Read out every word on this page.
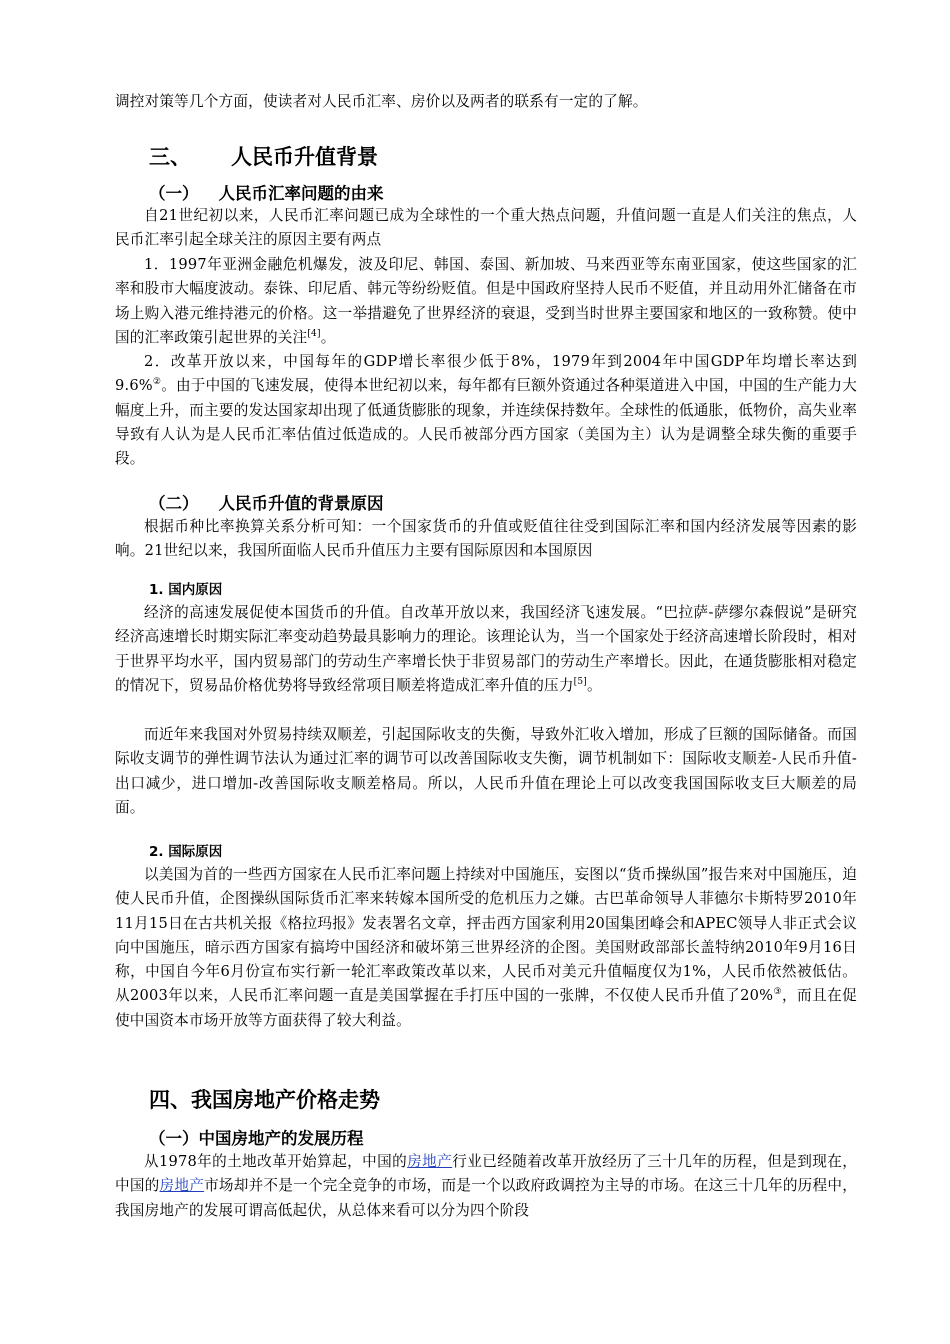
调控对策等几个方面，使读者对人民币汇率、房价以及两者的联系有一定的了解。

三、 人民币升值背景
（一） 人民币汇率问题的由来

自21世纪初以来，人民币汇率问题已成为全球性的一个重大热点问题，升值问题一直是人们关注的焦点，人民币汇率引起全球关注的原因主要有两点

1．1997年亚洲金融危机爆发，波及印尼、韩国、泰国、新加坡、马来西亚等东南亚国家，使这些国家的汇率和股市大幅度波动。泰铢、印尼盾、韩元等纷纷贬值。但是中国政府坚持人民币不贬值，并且动用外汇储备在市场上购入港元维持港元的价格。这一举措避免了世界经济的衰退，受到当时世界主要国家和地区的一致称赞。使中国的汇率政策引起世界的关注[4]。

2．改革开放以来，中国每年的GDP增长率很少低于8%，1979年到2004年中国GDP年均增长率达到9.6%②。由于中国的飞速发展，使得本世纪初以来，每年都有巨额外资通过各种渠道进入中国，中国的生产能力大幅度上升，而主要的发达国家却出现了低通货膨胀的现象，并连续保持数年。全球性的低通胀，低物价，高失业率导致有人认为是人民币汇率估值过低造成的。人民币被部分西方国家（美国为主）认为是调整全球失衡的重要手段。

（二） 人民币升值的背景原因

根据币种比率换算关系分析可知：一个国家货币的升值或贬值往往受到国际汇率和国内经济发展等因素的影响。21世纪以来，我国所面临人民币升值压力主要有国际原因和本国原因

1. 国内原因

经济的高速发展促使本国货币的升值。自改革开放以来，我国经济飞速发展。“巴拉萨-萨缪尔森假说”是研究经济高速增长时期实际汇率变动趋势最具影响力的理论。该理论认为，当一个国家处于经济高速增长阶段时，相对于世界平均水平，国内贸易部门的劳动生产率增长快于非贸易部门的劳动生产率增长。因此，在通货膨胀相对稳定的情况下，贸易品价格优势将导致经常项目顺差将造成汇率升值的压力[5]。

而近年来我国对外贸易持续双顺差，引起国际收支的失衡，导致外汇收入增加，形成了巨额的国际储备。而国际收支调节的弹性调节法认为通过汇率的调节可以改善国际收支失衡，调节机制如下：国际收支顺差-人民币升值-出口减少，进口增加-改善国际收支顺差格局。所以，人民币升值在理论上可以改变我国国际收支巨大顺差的局面。

2. 国际原因

以美国为首的一些西方国家在人民币汇率问题上持续对中国施压，妄图以“货币操纵国”报告来对中国施压，迫使人民币升值，企图操纵国际货币汇率来转嫁本国所受的危机压力之嫌。古巴革命领导人菲德尔卡斯特罗2010年11月15日在古共机关报《格拉玛报》发表署名文章，抨击西方国家利用20国集团峰会和APEC领导人非正式会议向中国施压，暗示西方国家有搞垮中国经济和破坏第三世界经济的企图。美国财政部部长盖特纳2010年9月16日称，中国自今年6月份宣布实行新一轮汇率政策改革以来，人民币对美元升值幅度仅为1%，人民币依然被低估。从2003年以来，人民币汇率问题一直是美国掌握在手打压中国的一张牌，不仅使人民币升值了20%③，而且在促使中国资本市场开放等方面获得了较大利益。

四、我国房地产价格走势
（一）中国房地产的发展历程

从1978年的土地改革开始算起，中国的房地产行业已经随着改革开放经历了三十几年的历程，但是到现在，中国的房地产市场却并不是一个完全竞争的市场，而是一个以政府政调控为主导的市场。在这三十几年的历程中，我国房地产的发展可谓高低起伏，从总体来看可以分为四个阶段
